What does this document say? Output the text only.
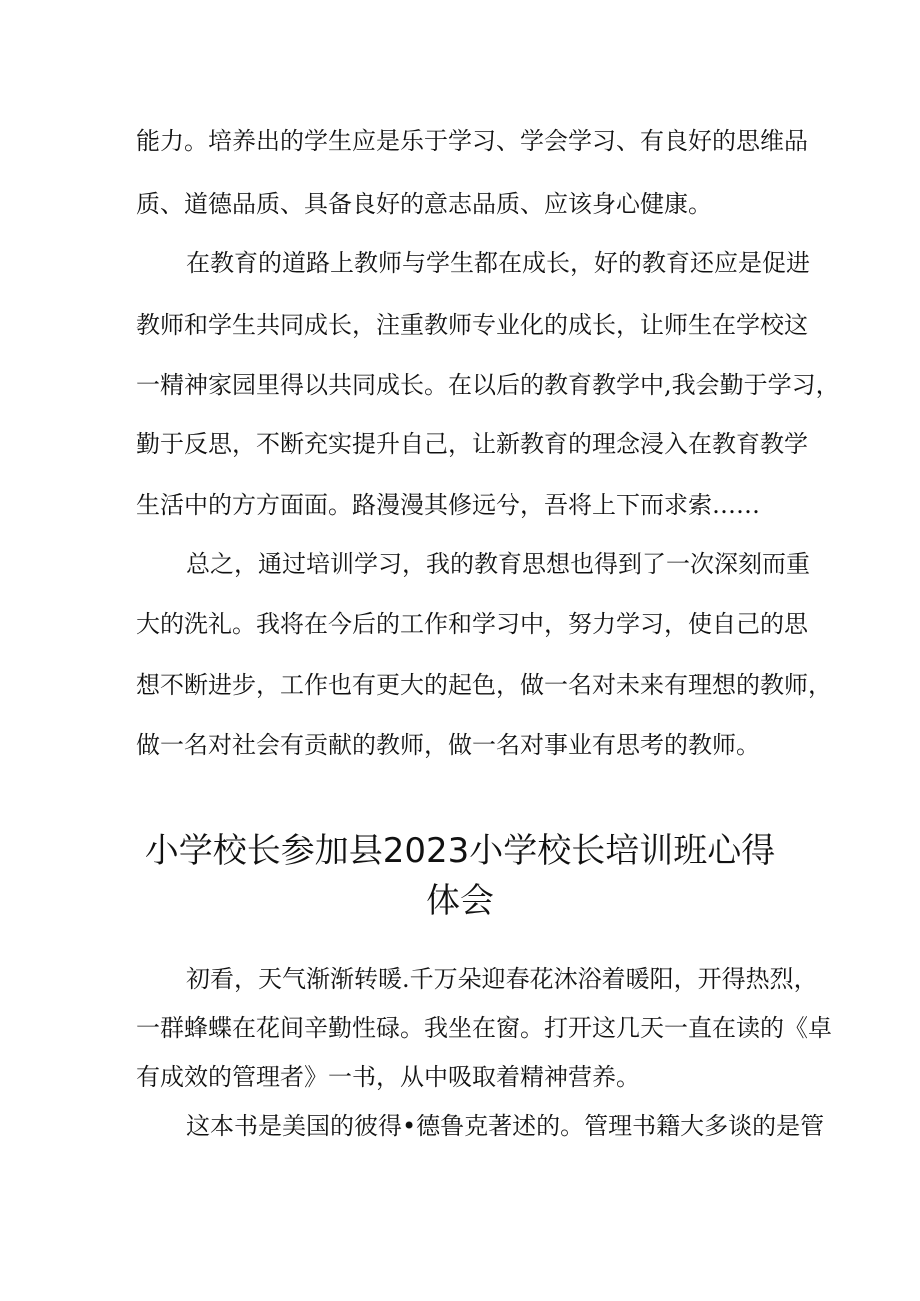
能力。培养出的学生应是乐于学习、学会学习、有良好的思维品
质、道德品质、具备良好的意志品质、应该身心健康。
在教育的道路上教师与学生都在成长，好的教育还应是促进
教师和学生共同成长，注重教师专业化的成长，让师生在学校这
一精神家园里得以共同成长。在以后的教育教学中,我会勤于学习，
勤于反思，不断充实提升自己，让新教育的理念浸入在教育教学
生活中的方方面面。路漫漫其修远兮，吾将上下而求索……
总之，通过培训学习，我的教育思想也得到了一次深刻而重
大的洗礼。我将在今后的工作和学习中，努力学习，使自己的思
想不断进步，工作也有更大的起色，做一名对未来有理想的教师，
做一名对社会有贡献的教师，做一名对事业有思考的教师。
小学校长参加县2023小学校长培训班心得
体会
初看，天气渐渐转暖.千万朵迎春花沐浴着暖阳，开得热烈，
一群蜂蝶在花间辛勤性碌。我坐在窗。打开这几天一直在读的《卓
有成效的管理者》一书，从中吸取着精神营养。
这本书是美国的彼得•德鲁克著述的。管理书籍大多谈的是管
